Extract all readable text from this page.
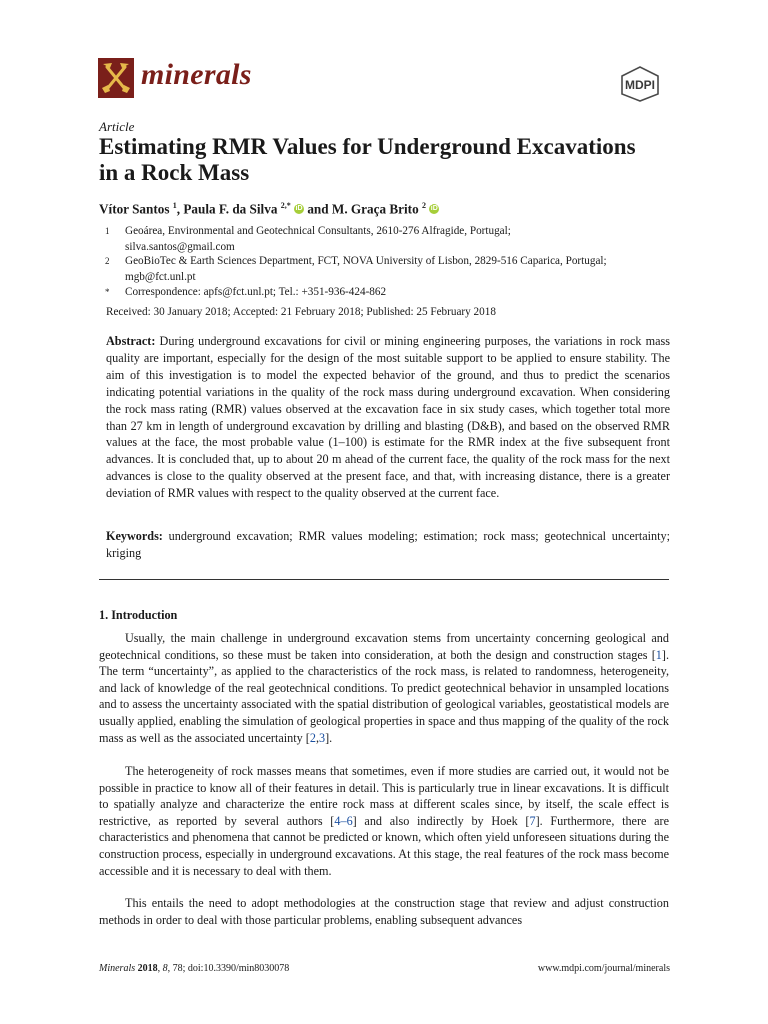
minerals	MDPI
Article
Estimating RMR Values for Underground Excavations
in a Rock Mass
Vítor Santos $^1$, Paula F. da Silva $^{2,*}$ iD and M. Graça Brito $^2$ iD
1 Geoárea, Environmental and Geotechnical Consultants, 2610-276 Alfragide, Portugal;
silva.santos@gmail.com
2 GeoBioTec & Earth Sciences Department, FCT, NOVA University of Lisbon, 2829-516 Caparica, Portugal;
mgb@fct.unl.pt
* Correspondence: apfs@fct.unl.pt; Tel.: +351-936-424-862
Received: 30 January 2018; Accepted: 21 February 2018; Published: 25 February 2018
Abstract: During underground excavations for civil or mining engineering purposes, the variations in rock mass quality are important, especially for the design of the most suitable support to be applied to ensure stability. The aim of this investigation is to model the expected behavior of the ground, and thus to predict the scenarios indicating potential variations in the quality of the rock mass during underground excavation. When considering the rock mass rating (RMR) values observed at the excavation face in six study cases, which together total more than 27 km in length of underground excavation by drilling and blasting (D&B), and based on the observed RMR values at the face, the most probable value (1–100) is estimate for the RMR index at the five subsequent front advances. It is concluded that, up to about 20 m ahead of the current face, the quality of the rock mass for the next advances is close to the quality observed at the present face, and that, with increasing distance, there is a greater deviation of RMR values with respect to the quality observed at the current face.
Keywords: underground excavation; RMR values modeling; estimation; rock mass; geotechnical uncertainty; kriging
1. Introduction

Usually, the main challenge in underground excavation stems from uncertainty concerning geological and geotechnical conditions, so these must be taken into consideration, at both the design and construction stages [1]. The term “uncertainty”, as applied to the characteristics of the rock mass, is related to randomness, heterogeneity, and lack of knowledge of the real geotechnical conditions. To predict geotechnical behavior in unsampled locations and to assess the uncertainty associated with the spatial distribution of geological variables, geostatistical models are usually applied, enabling the simulation of geological properties in space and thus mapping of the quality of the rock mass as well as the associated uncertainty [2,3].

The heterogeneity of rock masses means that sometimes, even if more studies are carried out, it would not be possible in practice to know all of their features in detail. This is particularly true in linear excavations. It is difficult to spatially analyze and characterize the entire rock mass at different scales since, by itself, the scale effect is restrictive, as reported by several authors [4–6] and also indirectly by Hoek [7]. Furthermore, there are characteristics and phenomena that cannot be predicted or known, which often yield unforeseen situations during the construction process, especially in underground excavations. At this stage, the real features of the rock mass become accessible and it is necessary to deal with them.

This entails the need to adopt methodologies at the construction stage that review and adjust construction methods in order to deal with those particular problems, enabling subsequent advances

Minerals 2018, 8, 78; doi:10.3390/min8030078	www.mdpi.com/journal/minerals
